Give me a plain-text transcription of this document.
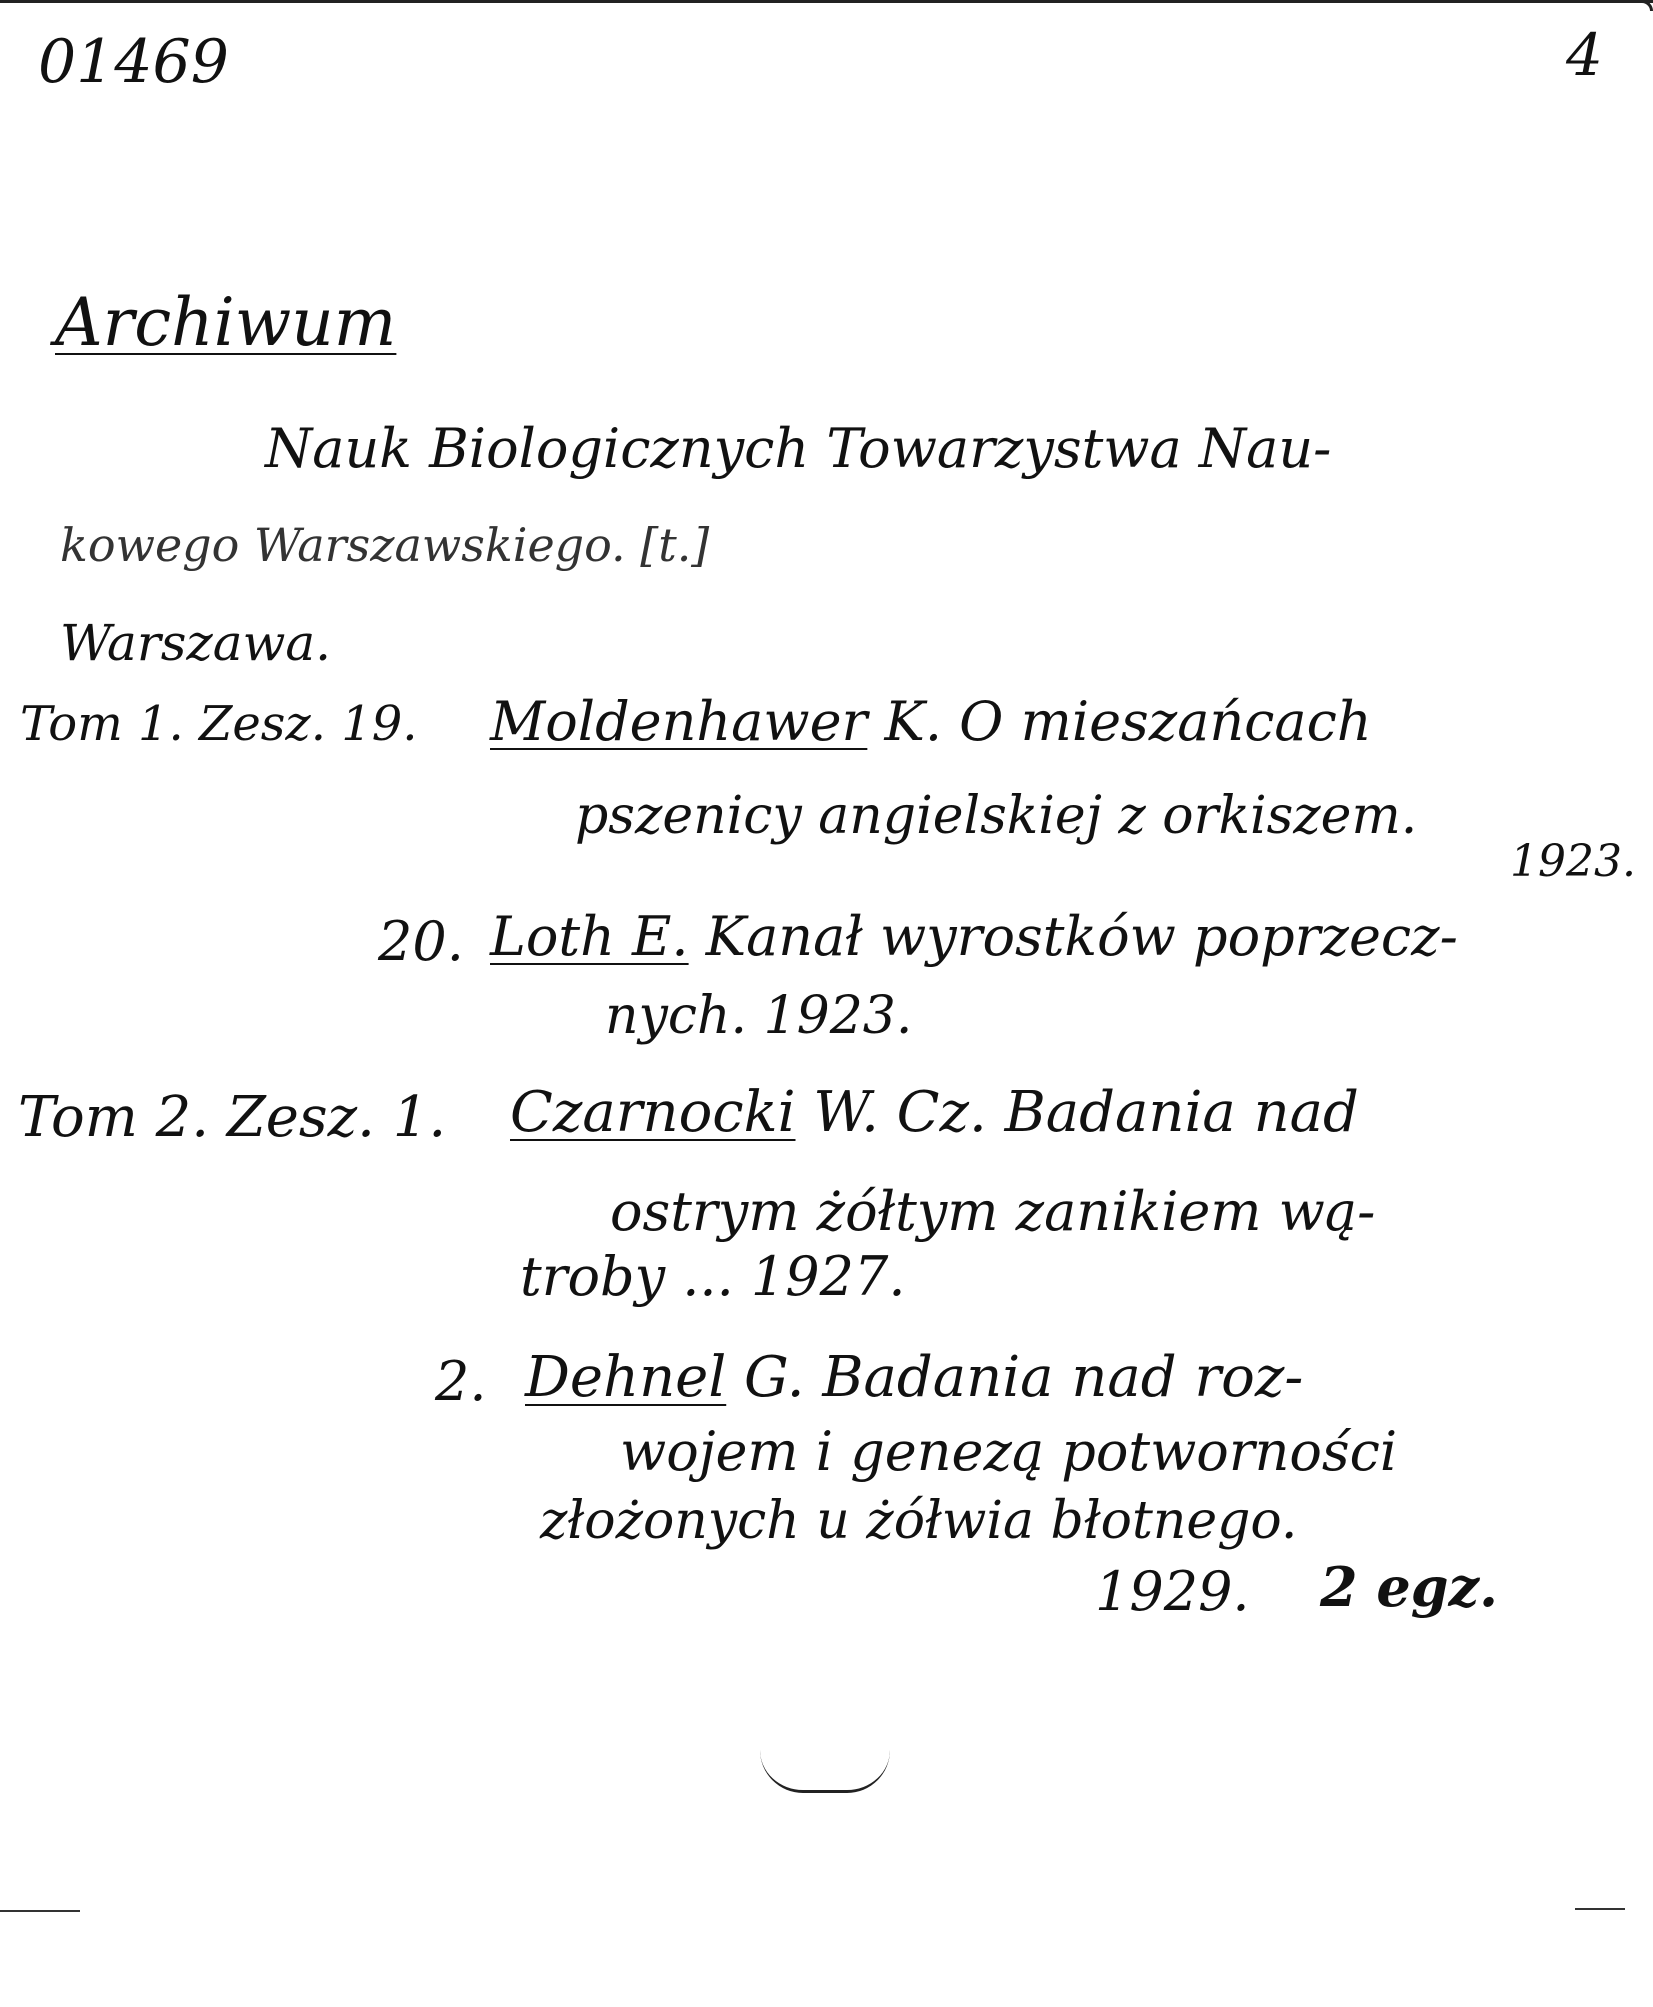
01469	4
Archiwum
Nauk Biologicznych Towarzystwa Nau-
kowego Warszawskiego. [t.]
Warszawa.
Tom 1. Zesz. 19. Moldenhawer K. O mieszańcach
pszenicy angielskiej z orkiszem.
1923.
20. Loth E. Kanał wyrostków poprzecz-
nych. 1923.
Tom 2. Zesz. 1. Czarnocki W. Cz. Badania nad
ostrym żółtym zanikiem wą-
troby ... 1927.
2. Dehnel G. Badania nad roz-
wojem i genezą potworności
złożonych u żółwia błotnego.
1929. 2 egz.
